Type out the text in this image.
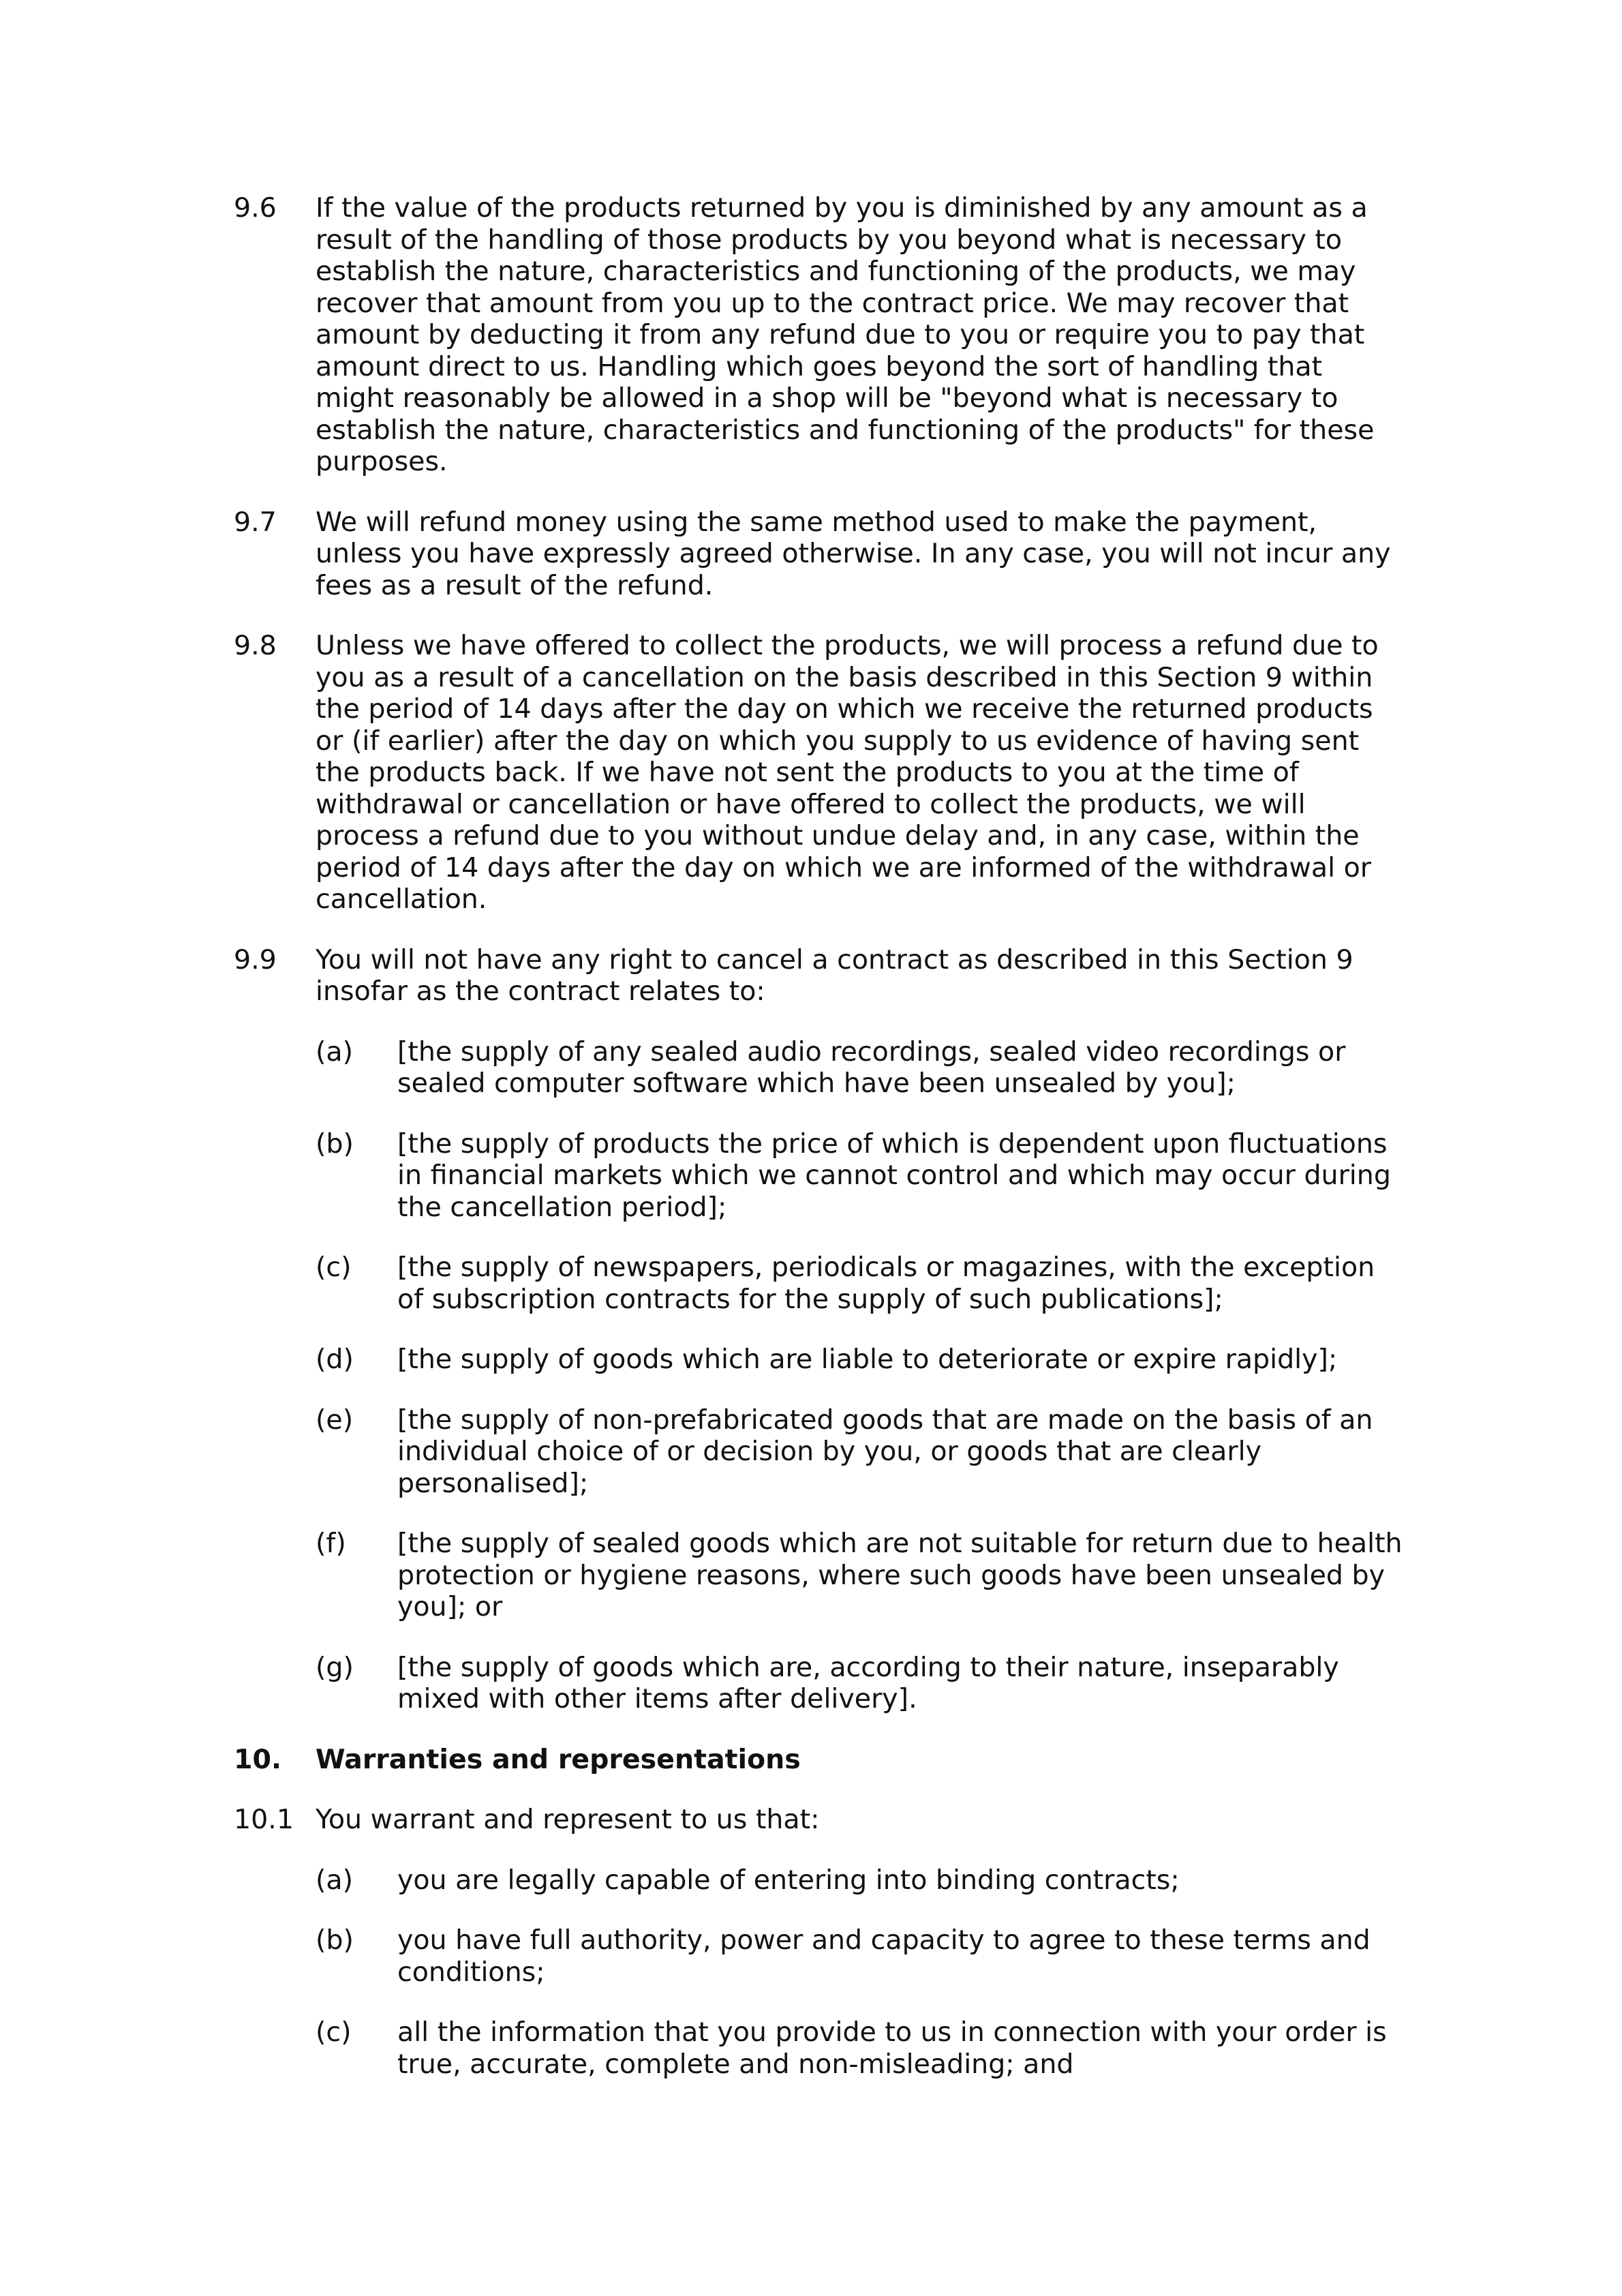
9.6	If the value of the products returned by you is diminished by any amount as a result of the handling of those products by you beyond what is necessary to establish the nature, characteristics and functioning of the products, we may recover that amount from you up to the contract price. We may recover that amount by deducting it from any refund due to you or require you to pay that amount direct to us. Handling which goes beyond the sort of handling that might reasonably be allowed in a shop will be "beyond what is necessary to establish the nature, characteristics and functioning of the products" for these purposes.
9.7	We will refund money using the same method used to make the payment, unless you have expressly agreed otherwise. In any case, you will not incur any fees as a result of the refund.
9.8	Unless we have offered to collect the products, we will process a refund due to you as a result of a cancellation on the basis described in this Section 9 within the period of 14 days after the day on which we receive the returned products or (if earlier) after the day on which you supply to us evidence of having sent the products back. If we have not sent the products to you at the time of withdrawal or cancellation or have offered to collect the products, we will process a refund due to you without undue delay and, in any case, within the period of 14 days after the day on which we are informed of the withdrawal or cancellation.
9.9	You will not have any right to cancel a contract as described in this Section 9 insofar as the contract relates to:
(a)	[the supply of any sealed audio recordings, sealed video recordings or sealed computer software which have been unsealed by you];
(b)	[the supply of products the price of which is dependent upon fluctuations in financial markets which we cannot control and which may occur during the cancellation period];
(c)	[the supply of newspapers, periodicals or magazines, with the exception of subscription contracts for the supply of such publications];
(d)	[the supply of goods which are liable to deteriorate or expire rapidly];
(e)	[the supply of non-prefabricated goods that are made on the basis of an individual choice of or decision by you, or goods that are clearly personalised];
(f)	[the supply of sealed goods which are not suitable for return due to health protection or hygiene reasons, where such goods have been unsealed by you]; or
(g)	[the supply of goods which are, according to their nature, inseparably mixed with other items after delivery].
10.	Warranties and representations
10.1 You warrant and represent to us that:
(a)	you are legally capable of entering into binding contracts;
(b)	you have full authority, power and capacity to agree to these terms and conditions;
(c)	all the information that you provide to us in connection with your order is true, accurate, complete and non-misleading; and
